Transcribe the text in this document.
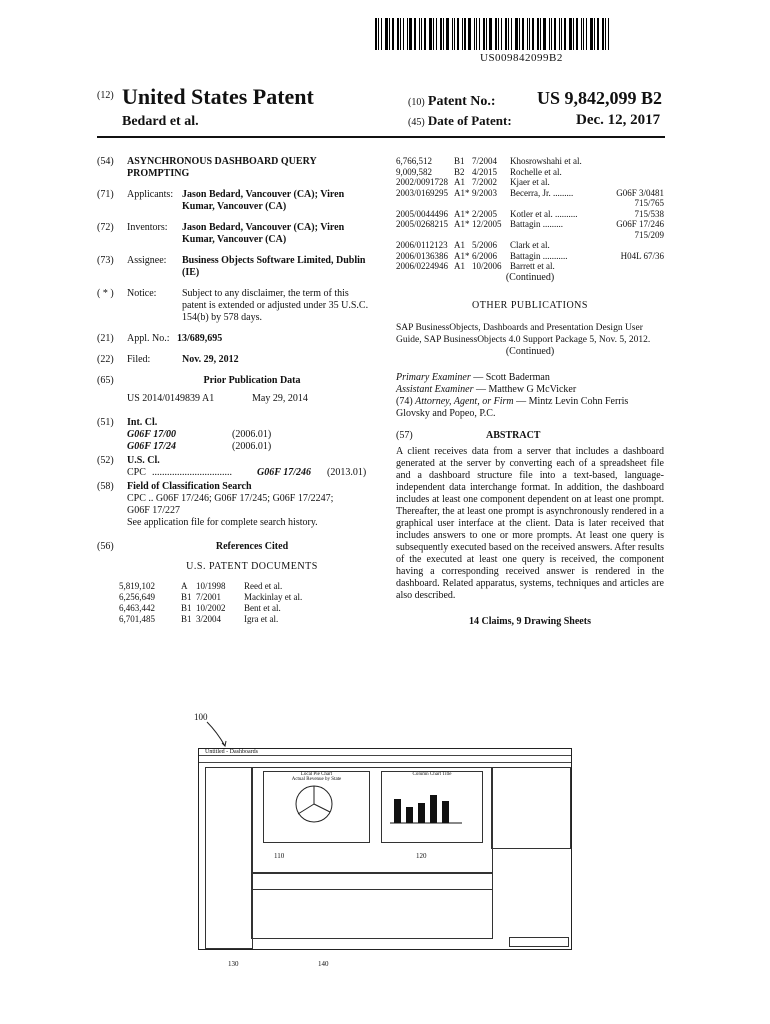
US009842099B2
(12) United States Patent
Bedard et al.
(10) Patent No.: US 9,842,099 B2
(45) Date of Patent:	Dec. 12, 2017
(54)	ASYNCHRONOUS DASHBOARD QUERY PROMPTING
(71)	Applicants: Jason Bedard, Vancouver (CA); Viren Kumar, Vancouver (CA)
(72)	Inventors:	Jason Bedard, Vancouver (CA); Viren Kumar, Vancouver (CA)
(73)	Assignee:	Business Objects Software Limited, Dublin (IE)
( * )	Notice:	Subject to any disclaimer, the term of this patent is extended or adjusted under 35 U.S.C. 154(b) by 578 days.
(21)	Appl. No.: 13/689,695
(22)	Filed:	Nov. 29, 2012
(65)	Prior Publication Data
US 2014/0149839 A1	May 29, 2014
(51)	Int. Cl.
G06F 17/00	(2006.01)
G06F 17/24	(2006.01)
(52)	U.S. Cl.
CPC ................................	G06F 17/246	(2013.01)
(58)	Field of Classification Search
CPC .. G06F 17/246; G06F 17/245; G06F 17/2247; G06F 17/227
See application file for complete search history.
(56)	References Cited
U.S. PATENT DOCUMENTS
5,819,102	A 10/1998	Reed et al.
6,256,649	B1 7/2001	Mackinlay et al.
6,463,442	B1 10/2002	Bent et al.
6,701,485	B1 3/2004	Igra et al.
6,766,512	B1 7/2004	Khosrowshahi et al.
9,009,582	B2 4/2015	Rochelle et al.
2002/0091728 A1 7/2002	Kjaer et al.
2003/0169295 A1* 9/2003	Becerra, Jr. .........	G06F 3/0481 715/765
2005/0044496 A1* 2/2005	Kotler et al. ..........	715/538
2005/0268215 A1* 12/2005 Battagin .........	G06F 17/246 715/209
2006/0112123 A1 5/2006	Clark et al.
2006/0136386 A1* 6/2006	Battagin ...........	H04L 67/36
2006/0224946 A1 10/2006 Barrett et al.
(Continued)
OTHER PUBLICATIONS
SAP BusinessObjects, Dashboards and Presentation Design User Guide, SAP BusinessObjects 4.0 Support Package 5, Nov. 5, 2012.
(Continued)
Primary Examiner — Scott Baderman
Assistant Examiner — Matthew G McVicker
(74) Attorney, Agent, or Firm — Mintz Levin Cohn Ferris Glovsky and Popeo, P.C.
(57)	ABSTRACT
A client receives data from a server that includes a dashboard generated at the server by converting each of a spreadsheet file and a dashboard structure file into a text-based, language-independent data interchange format. In addition, the dashboard includes at least one component dependent on at least one prompt. Thereafter, the at least one prompt is asynchronously rendered in a graphical user interface at the client. Data is later received that includes answers to one or more prompts. At least one query is subsequently executed based on the received answers. After results of the executed at least one query is received, the component having a corresponding received answer is rendered in the dashboard. Related apparatus, systems, techniques and articles are also described.
14 Claims, 9 Drawing Sheets
100
Untitled - Dashboards
Local Pie Chart
Actual Revenue by State
Column Chart Title
110	120
130	140
